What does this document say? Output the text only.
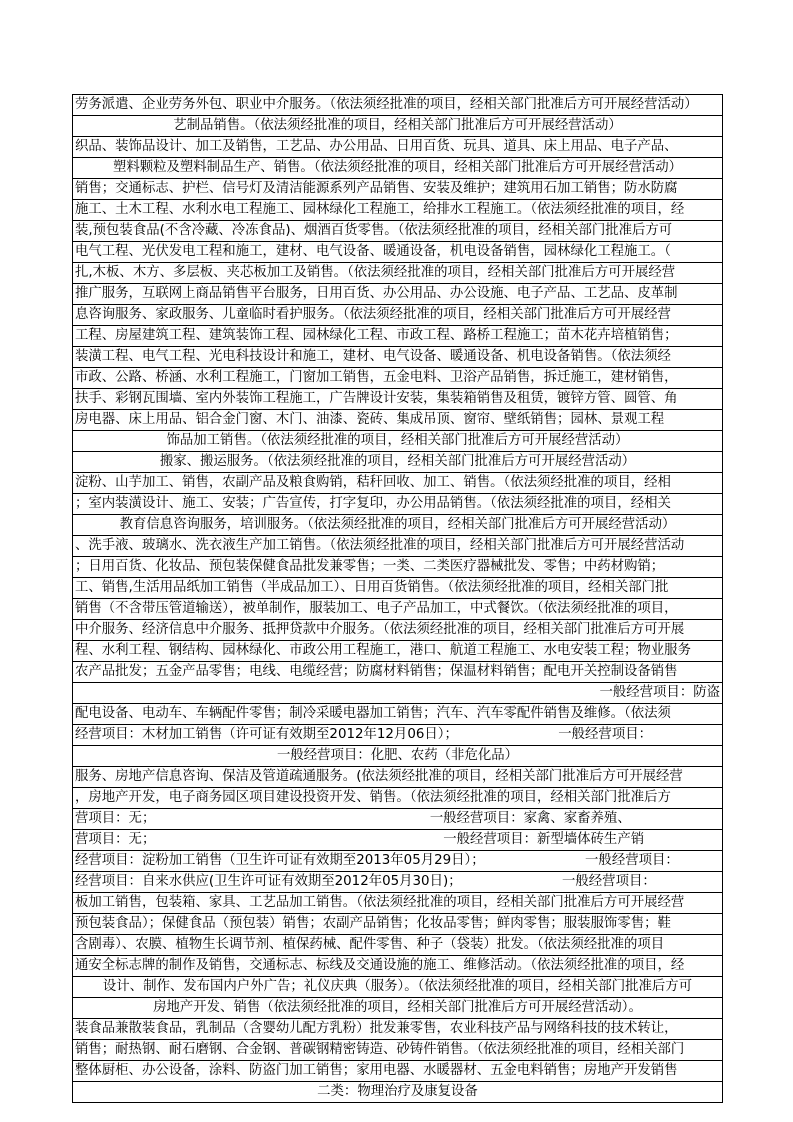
劳务派遣、企业劳务外包、职业中介服务。（依法须经批准的项目，经相关部门批准后方可开展经营活动）
艺制品销售。（依法须经批准的项目，经相关部门批准后方可开展经营活动）
织品、装饰品设计、加工及销售，工艺品、办公用品、日用百货、玩具、道具、床上用品、电子产品、
塑料颗粒及塑料制品生产、销售。（依法须经批准的项目，经相关部门批准后方可开展经营活动）
销售；交通标志、护栏、信号灯及清洁能源系列产品销售、安装及维护；建筑用石加工销售；防水防腐
施工、土木工程、水利水电工程施工、园林绿化工程施工，给排水工程施工。（依法须经批准的项目，经
装,预包装食品(不含冷藏、冷冻食品)、烟酒百货零售。（依法须经批准的项目，经相关部门批准后方可
电气工程、光伏发电工程和施工，建材、电气设备、暖通设备，机电设备销售，园林绿化工程施工。（
扎,木板、木方、多层板、夹芯板加工及销售。（依法须经批准的项目，经相关部门批准后方可开展经营
推广服务，互联网上商品销售平台服务，日用百货、办公用品、办公设施、电子产品、工艺品、皮革制
息咨询服务、家政服务、儿童临时看护服务。（依法须经批准的项目，经相关部门批准后方可开展经营
工程、房屋建筑工程、建筑装饰工程、园林绿化工程、市政工程、路桥工程施工；苗木花卉培植销售；
装潢工程、电气工程、光电科技设计和施工，建材、电气设备、暖通设备、机电设备销售。（依法须经
市政、公路、桥涵、水利工程施工，门窗加工销售，五金电料、卫浴产品销售，拆迁施工，建材销售，
扶手、彩钢瓦围墙、室内外装饰工程施工，广告牌设计安装，集装箱销售及租赁，镀锌方管、圆管、角
房电器、床上用品、铝合金门窗、木门、油漆、瓷砖、集成吊顶、窗帘、壁纸销售；园林、景观工程
饰品加工销售。（依法须经批准的项目，经相关部门批准后方可开展经营活动）
搬家、搬运服务。（依法须经批准的项目，经相关部门批准后方可开展经营活动）
淀粉、山芋加工、销售，农副产品及粮食购销，秸秆回收、加工、销售。（依法须经批准的项目，经相
；室内装潢设计、施工、安装；广告宣传，打字复印，办公用品销售。（依法须经批准的项目，经相关
教育信息咨询服务，培训服务。（依法须经批准的项目，经相关部门批准后方可开展经营活动）
、洗手液、玻璃水、洗衣液生产加工销售。（依法须经批准的项目，经相关部门批准后方可开展经营活动
；日用百货、化妆品、预包装保健食品批发兼零售；一类、二类医疗器械批发、零售；中药材购销；
工、销售,生活用品纸加工销售（半成品加工）、日用百货销售。（依法须经批准的项目，经相关部门批
销售（不含带压管道输送），被单制作，服装加工、电子产品加工，中式餐饮。（依法须经批准的项目，
中介服务、经济信息中介服务、抵押贷款中介服务。（依法须经批准的项目，经相关部门批准后方可开展
程、水利工程、钢结构、园林绿化、市政公用工程施工，港口、航道工程施工、水电安装工程；物业服务
农产品批发；五金产品零售；电线、电缆经营；防腐材料销售；保温材料销售；配电开关控制设备销售
一般经营项目：防盗
配电设备、电动车、车辆配件零售；制冷采暖电器加工销售；汽车、汽车零配件销售及维修。（依法须
经营项目：木材加工销售（许可证有效期至2012年12月06日）；　　　　　　　　一般经营项目：
一般经营项目：化肥、农药（非危化品）
服务、房地产信息咨询、保洁及管道疏通服务。(依法须经批准的项目，经相关部门批准后方可开展经营
，房地产开发，电子商务园区项目建设投资开发、销售。（依法须经批准的项目，经相关部门批准后方
营项目：无；　　　　　　　　　　　　　　　　　　　　　一般经营项目：家禽、家畜养殖、
营项目：无；　　　　　　　　　　　　　　　　　　　　　　一般经营项目：新型墙体砖生产销
经营项目：淀粉加工销售（卫生许可证有效期至2013年05月29日）；　　　　　　　　一般经营项目：
经营项目：自来水供应(卫生许可证有效期至2012年05月30日)；　　　　　　　　一般经营项目：
板加工销售，包装箱、家具、工艺品加工销售。（依法须经批准的项目，经相关部门批准后方可开展经营
预包装食品）；保健食品（预包装）销售；农副产品销售；化妆品零售；鲜肉零售；服装服饰零售；鞋
含剧毒）、农膜、植物生长调节剂、植保药械、配件零售、种子（袋装）批发。（依法须经批准的项目
通安全标志牌的制作及销售，交通标志、标线及交通设施的施工、维修活动。（依法须经批准的项目，经
设计、制作、发布国内户外广告；礼仪庆典（服务）。（依法须经批准的项目，经相关部门批准后方可
房地产开发、销售（依法须经批准的项目，经相关部门批准后方可开展经营活动）。
装食品兼散装食品，乳制品（含婴幼儿配方乳粉）批发兼零售，农业科技产品与网络科技的技术转让，
销售；耐热钢、耐石磨钢、合金钢、普碳钢精密铸造、砂铸件销售。（依法须经批准的项目，经相关部门
整体厨柜、办公设备，涂料、防盗门加工销售；家用电器、水暖器材、五金电料销售；房地产开发销售
二类：物理治疗及康复设备
